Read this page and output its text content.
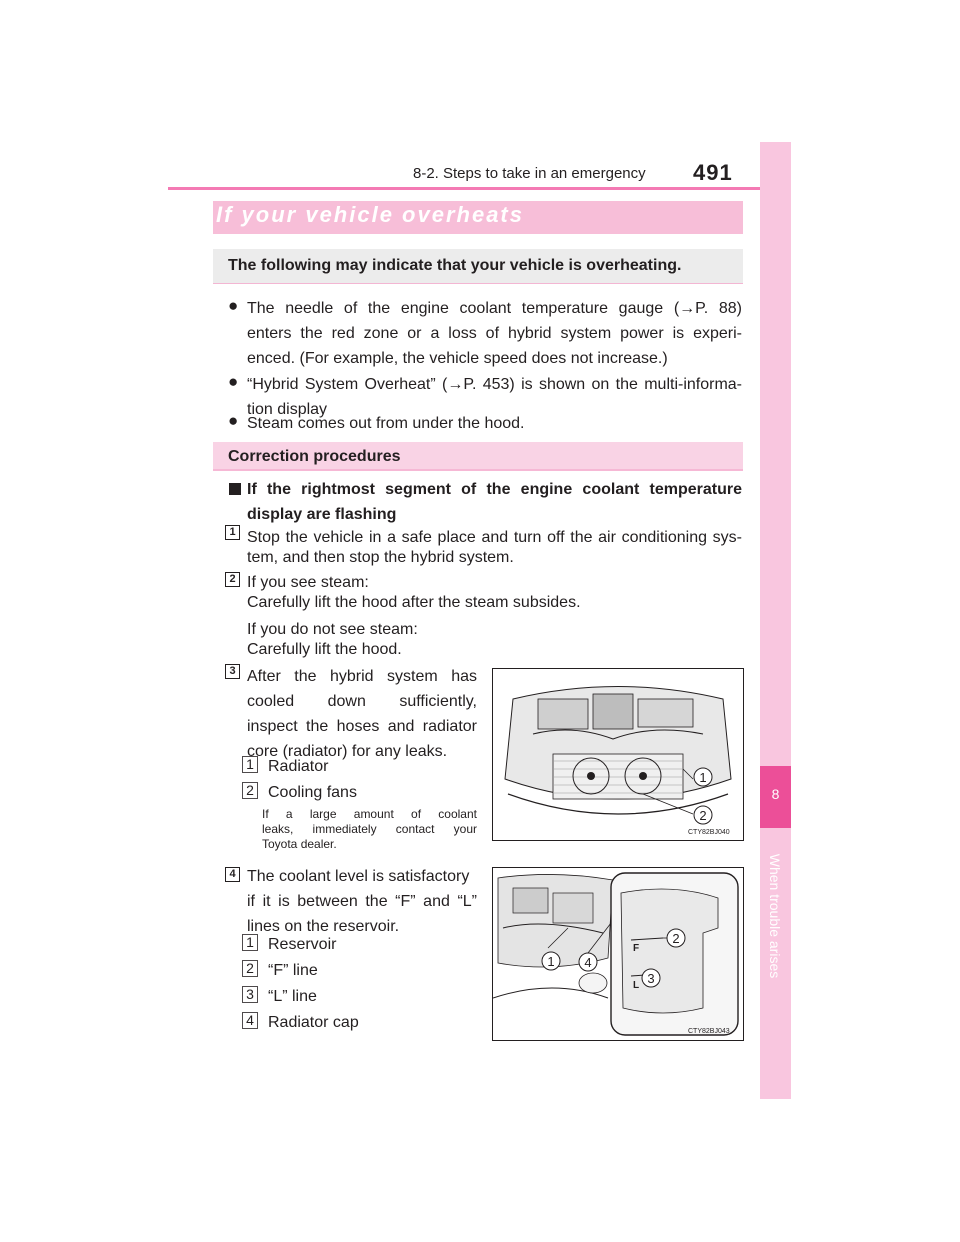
8-2. Steps to take in an emergency 491
8
When trouble arises
If your vehicle overheats
The following may indicate that your vehicle is overheating.
● The needle of the engine coolant temperature gauge (→P. 88)
enters the red zone or a loss of hybrid system power is experi-
enced. (For example, the vehicle speed does not increase.)
● “Hybrid System Overheat” (→P. 453) is shown on the multi-informa-
tion display
● Steam comes out from under the hood.
Correction procedures
If the rightmost segment of the engine coolant temperature
display are flashing
1 Stop the vehicle in a safe place and turn off the air conditioning sys-
tem, and then stop the hybrid system.
2 If you see steam:
Carefully lift the hood after the steam subsides.
If you do not see steam:
Carefully lift the hood.
3 After the hybrid system has
cooled down sufficiently,
inspect the hoses and radiator
core (radiator) for any leaks.
1 Radiator
2 Cooling fans
If a large amount of coolant
leaks, immediately contact your
Toyota dealer.
1
2
CTY82BJ040
4 The coolant level is satisfactory
if it is between the “F” and “L”
lines on the reservoir.
1 Reservoir
2 “F” line
3 “L” line
4 Radiator cap
1 4
F
L
2
3
CTY82BJ043
